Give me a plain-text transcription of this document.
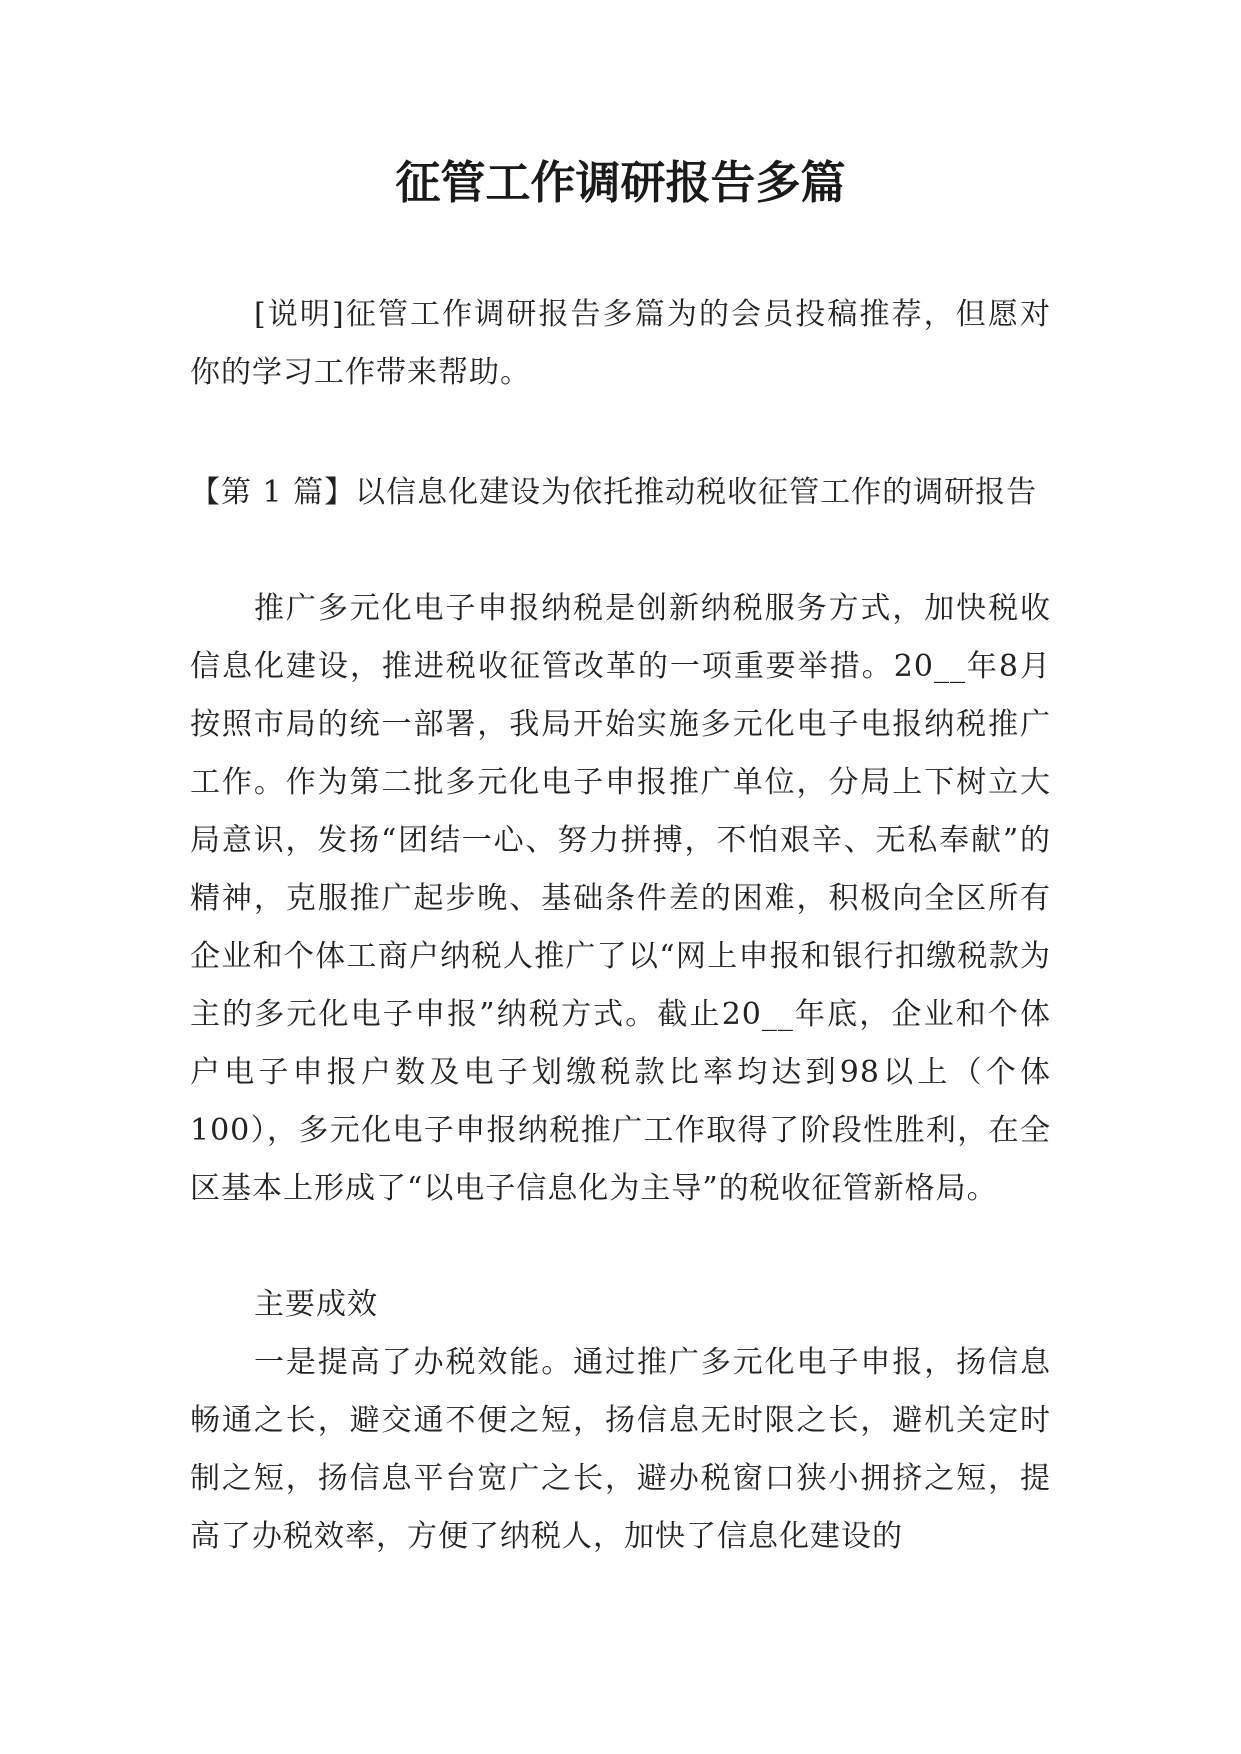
征管工作调研报告多篇

[说明]征管工作调研报告多篇为的会员投稿推荐，但愿对你的学习工作带来帮助。

【第 1 篇】以信息化建设为依托推动税收征管工作的调研报告

推广多元化电子申报纳税是创新纳税服务方式，加快税收信息化建设，推进税收征管改革的一项重要举措。20__年8月按照市局的统一部署，我局开始实施多元化电子电报纳税推广工作。作为第二批多元化电子申报推广单位，分局上下树立大局意识，发扬“团结一心、努力拼搏，不怕艰辛、无私奉献”的精神，克服推广起步晚、基础条件差的困难，积极向全区所有企业和个体工商户纳税人推广了以“网上申报和银行扣缴税款为主的多元化电子申报”纳税方式。截止20__年底，企业和个体户电子申报户数及电子划缴税款比率均达到98以上（个体100），多元化电子申报纳税推广工作取得了阶段性胜利，在全区基本上形成了“以电子信息化为主导”的税收征管新格局。

主要成效

一是提高了办税效能。通过推广多元化电子申报，扬信息畅通之长，避交通不便之短，扬信息无时限之长，避机关定时制之短，扬信息平台宽广之长，避办税窗口狭小拥挤之短，提高了办税效率，方便了纳税人，加快了信息化建设的
